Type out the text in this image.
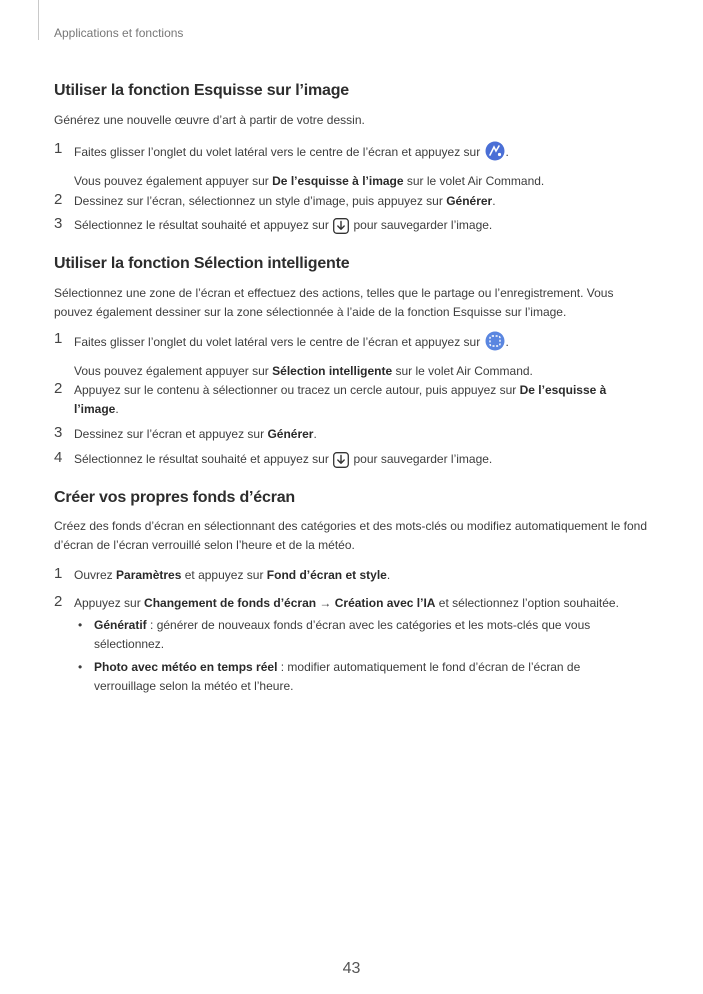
Applications et fonctions
Utiliser la fonction Esquisse sur l’image
Générez une nouvelle œuvre d’art à partir de votre dessin.
1 Faites glisser l’onglet du volet latéral vers le centre de l’écran et appuyez sur .
Vous pouvez également appuyer sur De l’esquisse à l’image sur le volet Air Command.
2 Dessinez sur l’écran, sélectionnez un style d’image, puis appuyez sur Générer.
3 Sélectionnez le résultat souhaité et appuyez sur  pour sauvegarder l’image.
Utiliser la fonction Sélection intelligente
Sélectionnez une zone de l’écran et effectuez des actions, telles que le partage ou l’enregistrement. Vous pouvez également dessiner sur la zone sélectionnée à l’aide de la fonction Esquisse sur l’image.
1 Faites glisser l’onglet du volet latéral vers le centre de l’écran et appuyez sur .
Vous pouvez également appuyer sur Sélection intelligente sur le volet Air Command.
2 Appuyez sur le contenu à sélectionner ou tracez un cercle autour, puis appuyez sur De l’esquisse à l’image.
3 Dessinez sur l’écran et appuyez sur Générer.
4 Sélectionnez le résultat souhaité et appuyez sur  pour sauvegarder l’image.
Créer vos propres fonds d’écran
Créez des fonds d’écran en sélectionnant des catégories et des mots-clés ou modifiez automatiquement le fond d’écran de l’écran verrouillé selon l’heure et de la météo.
1 Ouvrez Paramètres et appuyez sur Fond d’écran et style.
2 Appuyez sur Changement de fonds d’écran → Création avec l’IA et sélectionnez l’option souhaitée.
• Génératif : générer de nouveaux fonds d’écran avec les catégories et les mots-clés que vous sélectionnez.
• Photo avec météo en temps réel : modifier automatiquement le fond d’écran de l’écran de verrouillage selon la météo et l’heure.
43
